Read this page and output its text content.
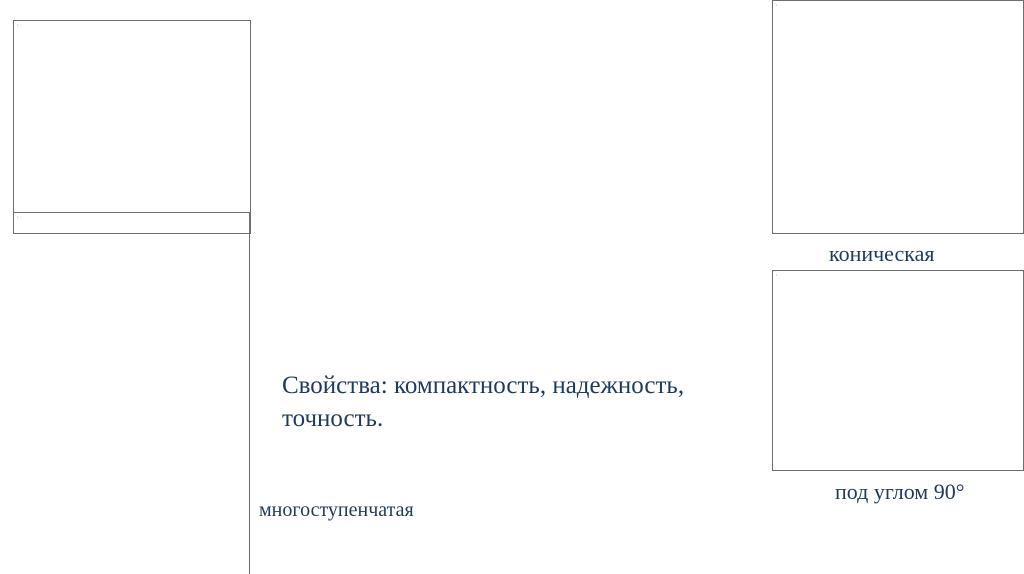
▪
▪
▪
▪
коническая
под углом 90°
многоступенчатая
Свойства: компактность, надежность,
точность.
